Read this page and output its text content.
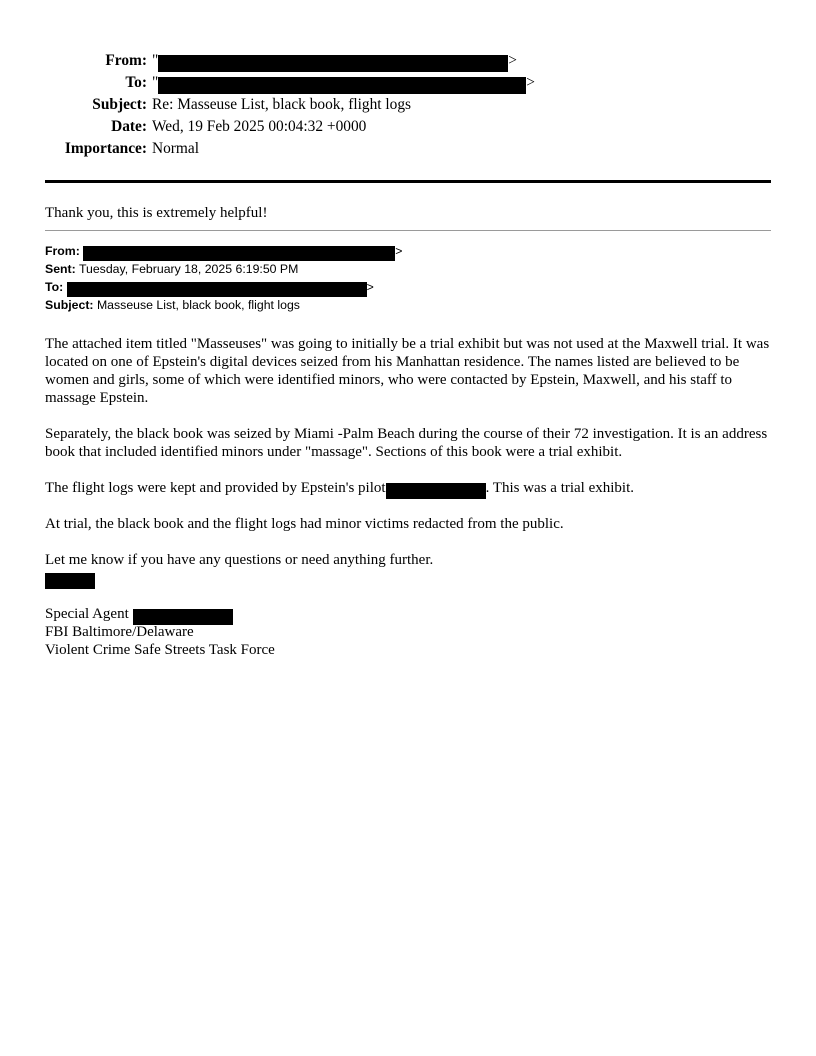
From: "	>
To: "	>
Subject: Re: Masseuse List, black book, flight logs
Date: Wed, 19 Feb 2025 00:04:32 +0000
Importance: Normal

Thank you, this is extremely helpful!

From:	>
Sent: Tuesday, February 18, 2025 6:19:50 PM
To:	>
Subject: Masseuse List, black book, flight logs

The attached item titled "Masseuses" was going to initially be a trial exhibit but was not used at the Maxwell trial. It was located on one of Epstein's digital devices seized from his Manhattan residence. The names listed are believed to be women and girls, some of which were identified minors, who were contacted by Epstein, Maxwell, and his staff to massage Epstein.

Separately, the black book was seized by Miami -Palm Beach during the course of their 72 investigation. It is an address book that included identified minors under "massage". Sections of this book were a trial exhibit.

The flight logs were kept and provided by Epstein's pilot	. This was a trial exhibit.

At trial, the black book and the flight logs had minor victims redacted from the public.

Let me know if you have any questions or need anything further.

Special Agent
FBI Baltimore/Delaware
Violent Crime Safe Streets Task Force
